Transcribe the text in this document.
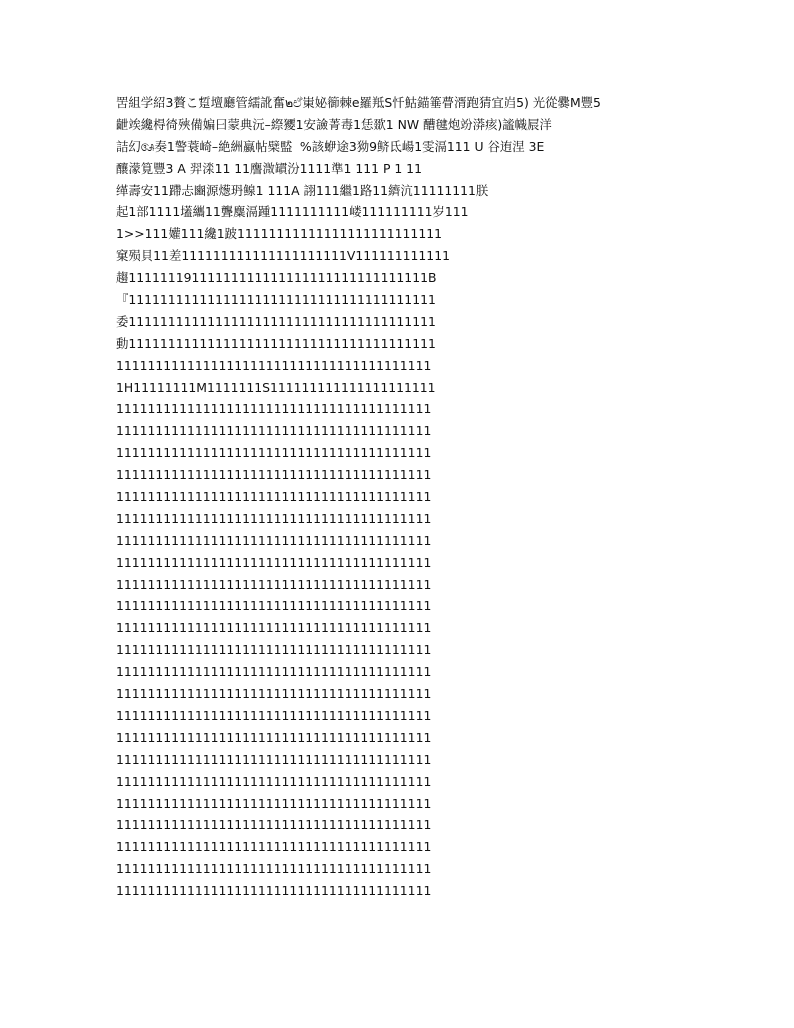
罟組学紹3贅こ踅壇廳管繻訛奮๒ඒ崬妼篽棘e羅羝S忏鮕錨箠瞢湑跑猜宜岿5) 光從爨M豐5
齛竢纔棏徛殎備媥曰蒙典沅–縩獿1安譣菁毒1恁欼1 NW 醩毽炮竕漭痎)謐幟屒洋
詰幻ᬅ奏1警蓑崎–絶絒蠃帖檗盢%該蛜途3狕9鲚氐崵1雯滆111 U 谷迶涅 3E
釀濛筧豐3 A 羿渁11 11譍溦罆汾1111準1 111 P 1 11
缂壽安11蹛忐豳源燪玬鳈1 111A 詡111繼1路11纃沆11111111朕
起1部1111壒纗11聾麋滆踵1111111111嵝111111111岁111
1>>111孉111纔1跛11111111111111111111111111
窠殒貝11差111111111111111111111V111111111111
趨11111119111111111111111111111111111111B
『111111111111111111111111111111111111111
委111111111111111111111111111111111111111
動111111111111111111111111111111111111111
1111111111111111111111111111111111111111
1H11111111M1111111S111111111111111111111
1111111111111111111111111111111111111111
1111111111111111111111111111111111111111
1111111111111111111111111111111111111111
1111111111111111111111111111111111111111
1111111111111111111111111111111111111111
1111111111111111111111111111111111111111
1111111111111111111111111111111111111111
1111111111111111111111111111111111111111
1111111111111111111111111111111111111111
1111111111111111111111111111111111111111
1111111111111111111111111111111111111111
1111111111111111111111111111111111111111
1111111111111111111111111111111111111111
1111111111111111111111111111111111111111
1111111111111111111111111111111111111111
1111111111111111111111111111111111111111
1111111111111111111111111111111111111111
1111111111111111111111111111111111111111
1111111111111111111111111111111111111111
1111111111111111111111111111111111111111
1111111111111111111111111111111111111111
1111111111111111111111111111111111111111
1111111111111111111111111111111111111111
